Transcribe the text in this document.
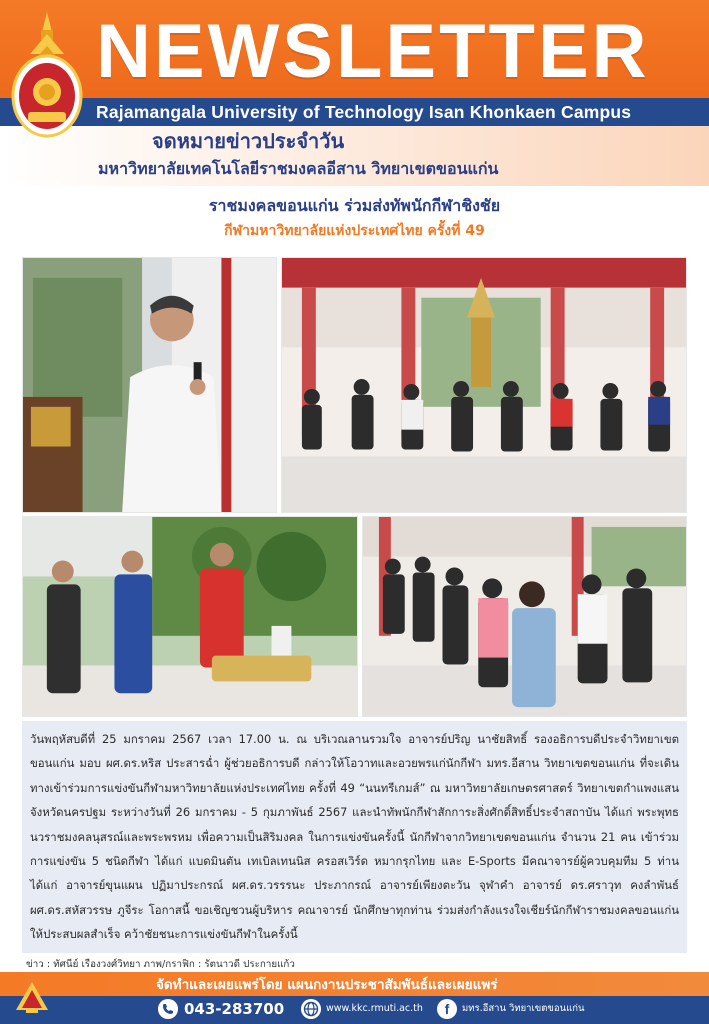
NEWSLETTER
Rajamangala University of Technology Isan Khonkaen Campus
จดหมายข่าวประจำวัน
มหาวิทยาลัยเทคโนโลยีราชมงคลอีสาน วิทยาเขตขอนแก่น
ราชมงคลขอนแก่น ร่วมส่งทัพนักกีฬาชิงชัย
กีฬามหาวิทยาลัยแห่งประเทศไทย ครั้งที่ 49

วันพฤหัสบดีที่ 25 มกราคม 2567 เวลา 17.00 น. ณ บริเวณลานรวมใจ อาจารย์ปริญ นาชัยสิทธิ์ รองอธิการบดีประจำวิทยาเขตขอนแก่น มอบ ผศ.ดร.หริส ประสารฉ่ำ ผู้ช่วยอธิการบดี กล่าวให้โอวาทและอวยพรแก่นักกีฬา มทร.อีสาน วิทยาเขตขอนแก่น ที่จะเดินทางเข้าร่วมการแข่งขันกีฬามหาวิทยาลัยแห่งประเทศไทย ครั้งที่ 49 “นนทรีเกมส์” ณ มหาวิทยาลัยเกษตรศาสตร์ วิทยาเขตกำแพงแสน จังหวัดนครปฐม ระหว่างวันที่ 26 มกราคม - 5 กุมภาพันธ์ 2567 และนำทัพนักกีฬาสักการะสิ่งศักดิ์สิทธิ์ประจำสถาบัน ได้แก่ พระพุทธนวราชมงคลนุสรณ์และพระพรหม เพื่อความเป็นสิริมงคล ในการแข่งขันครั้งนี้ นักกีฬาจากวิทยาเขตขอนแก่น จำนวน 21 คน เข้าร่วมการแข่งขัน 5 ชนิดกีฬา ได้แก่ แบดมินตัน เทเบิลเทนนิส ครอสเวิร์ด หมากรุกไทย และ E-Sports มีคณาจารย์ผู้ควบคุมทีม 5 ท่าน ได้แก่ อาจารย์ขุนแผน ปฏิมาประกรณ์ ผศ.ดร.วรรรนะ ประภากรณ์ อาจารย์เพียงตะวัน จุฬาคำ อาจารย์ ดร.ศราวุท คงลำพันธ์ ผศ.ดร.สหัสวรรษ ภูจีระ โอกาสนี้ ขอเชิญชวนผู้บริหาร คณาจารย์ นักศึกษาทุกท่าน ร่วมส่งกำลังแรงใจเชียร์นักกีฬาราชมงคลขอนแก่น ให้ประสบผลสำเร็จ คว้าชัยชนะการแข่งขันกีฬาในครั้งนี้

ข่าว : ทัศนีย์ เรืองวงศ์วิทยา ภาพ/กราฟิก : รัตนาวดี ประกายแก้ว
จัดทำและเผยแพร่โดย แผนกงานประชาสัมพันธ์และเผยแพร่
043-283700	www.kkc.rmuti.ac.th	f	มทร.อีสาน วิทยาเขตขอนแก่น
